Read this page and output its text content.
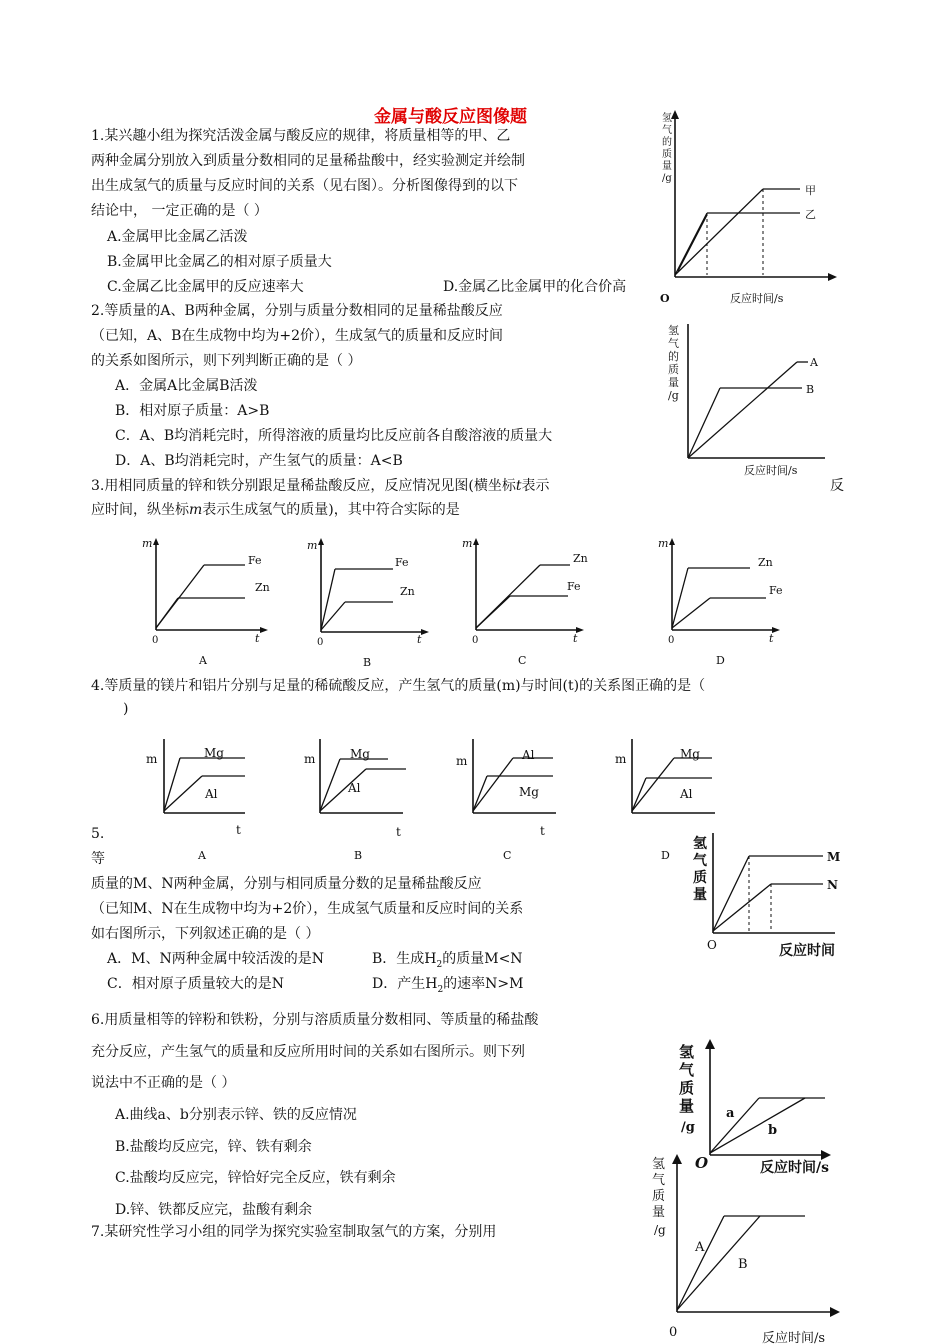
金属与酸反应图像题
1.某兴趣小组为探究活泼金属与酸反应的规律，将质量相等的甲、乙
两种金属分别放入到质量分数相同的足量稀盐酸中，经实验测定并绘制
出生成氢气的质量与反应时间的关系（见右图）。分析图像得到的以下
结论中， 一定正确的是（ ）
A.金属甲比金属乙活泼
B.金属甲比金属乙的相对原子质量大
C.金属乙比金属甲的反应速率大	D.金属乙比金属甲的化合价高
氢
气
的
质
量
/g
O	反应时间/s
甲
乙
2.等质量的A、B两种金属，分别与质量分数相同的足量稀盐酸反应
（已知，A、B在生成物中均为+2价），生成氢气的质量和反应时间
的关系如图所示，则下列判断正确的是（ ）
A．金属A比金属B活泼
B．相对原子质量：A>B
C．A、B均消耗完时，所得溶液的质量均比反应前各自酸溶液的质量大
D．A、B均消耗完时，产生氢气的质量：A<B
氢
气
的
质
量
/g
反应时间/s
A
B
3.用相同质量的锌和铁分别跟足量稀盐酸反应，反应情况见图(横坐标t表示	反
应时间，纵坐标m表示生成氢气的质量)，其中符合实际的是
m
0	t
Fe
Zn
A
m
0	t
Fe
Zn
B
m
0	t
Zn
Fe
C
m
0	t
Zn
Fe
D
4.等质量的镁片和铝片分别与足量的稀硫酸反应，产生氢气的质量(m)与时间(t)的关系图正确的是（
)
m	Mg
Al
t
A
m	Mg
Al
t
B
m	Al
Mg
t
C
m	Mg
Al
D
5.
等
质量的M、N两种金属，分别与相同质量分数的足量稀盐酸反应
（已知M、N在生成物中均为+2价），生成氢气质量和反应时间的关系
如右图所示，下列叙述正确的是（ ）
A．M、N两种金属中较活泼的是N	B．生成$H_2$的质量M<N
C．相对原子质量较大的是N	D．产生$H_2$的速率N>M
氢
气
质
量
O	反应时间
M
N
6.用质量相等的锌粉和铁粉，分别与溶质质量分数相同、等质量的稀盐酸
充分反应，产生氢气的质量和反应所用时间的关系如右图所示。则下列
说法中不正确的是（ ）
A.曲线a、b分别表示锌、铁的反应情况
B.盐酸均反应完，锌、铁有剩余
C.盐酸均反应完，锌恰好完全反应，铁有剩余
D.锌、铁都反应完，盐酸有剩余
氢
气
质
量
/g
O	反应时间/s
a
b
7.某研究性学习小组的同学为探究实验室制取氢气的方案，分别用
氢
气
质
量
/g
0	反应时间/s
A
B
